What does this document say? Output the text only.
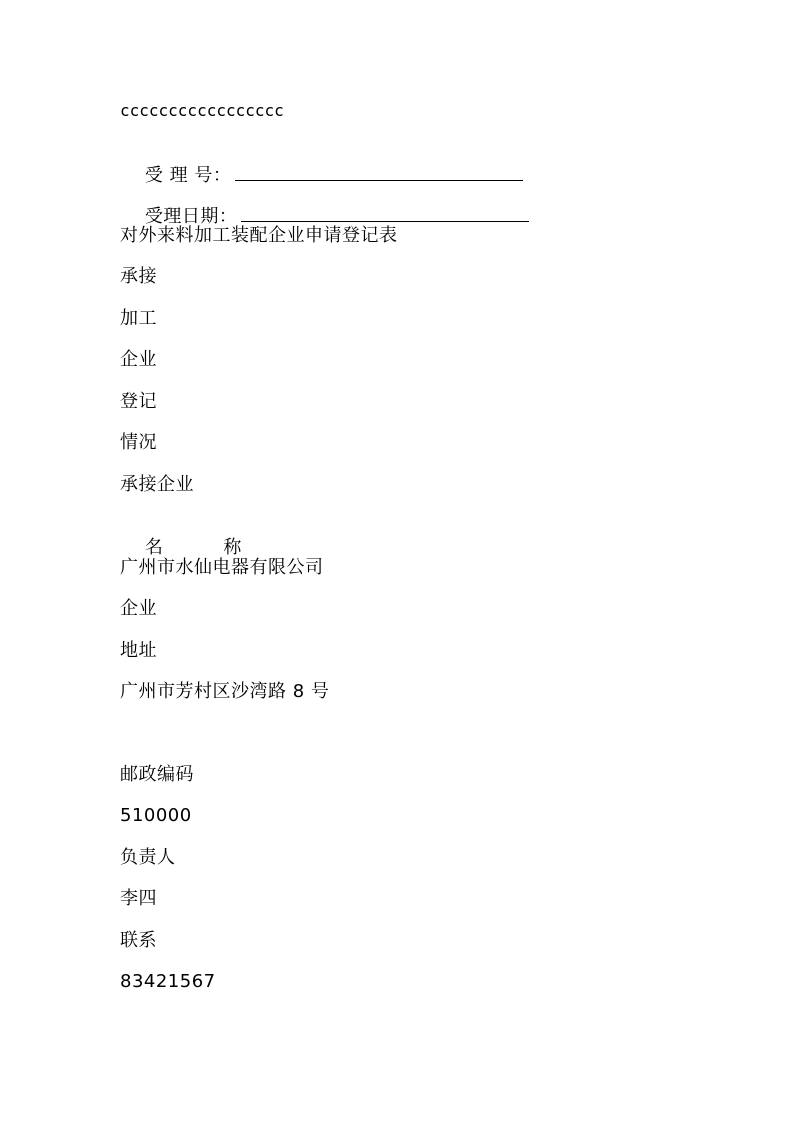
ccccccccccccccccc

受 理 号：

受理日期：

对外来料加工装配企业申请登记表
承接
加工
企业
登记
情况
承接企业

名	称

广州市水仙电器有限公司
企业
地址
广州市芳村区沙湾路 8 号
邮政编码
510000
负责人
李四
联系
83421567
